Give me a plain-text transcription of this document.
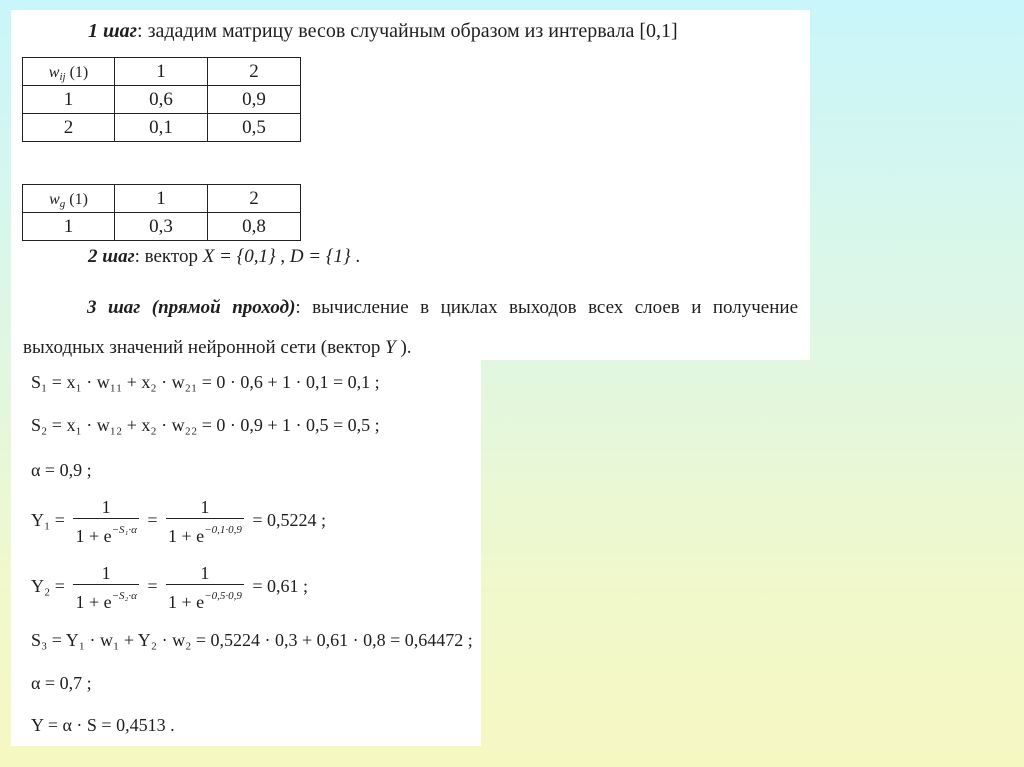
1 шаг: зададим матрицу весов случайным образом из интервала [0,1]
$w_{ij}$ (1)	1	2
1	0,6	0,9
2	0,1	0,5
$w_g$ (1)	1	2
1	0,3	0,8
2 шаг: вектор X = {0,1} , D = {1} .
3 шаг (прямой проход): вычисление в циклах выходов всех слоев и получение выходных значений нейронной сети (вектор Y ).
S₁ = x₁ · w₁₁ + x₂ · w₂₁ = 0 · 0,6 + 1 · 0,1 = 0,1 ;
S₂ = x₁ · w₁₂ + x₂ · w₂₂ = 0 · 0,9 + 1 · 0,5 = 0,5 ;
α = 0,9 ;
$Y_1 = \frac{1}{1 + e^{-S_1\cdot\alpha}} = \frac{1}{1 + e^{-0,1\cdot 0,9}} = 0,5224$ ;
$Y_2 = \frac{1}{1 + e^{-S_2\cdot\alpha}} = \frac{1}{1 + e^{-0,5\cdot 0,9}} = 0,61$ ;
S₃ = Y₁ · w₁ + Y₂ · w₂ = 0,5224 · 0,3 + 0,61 · 0,8 = 0,64472 ;
α = 0,7 ;
Y = α · S = 0,4513 .
